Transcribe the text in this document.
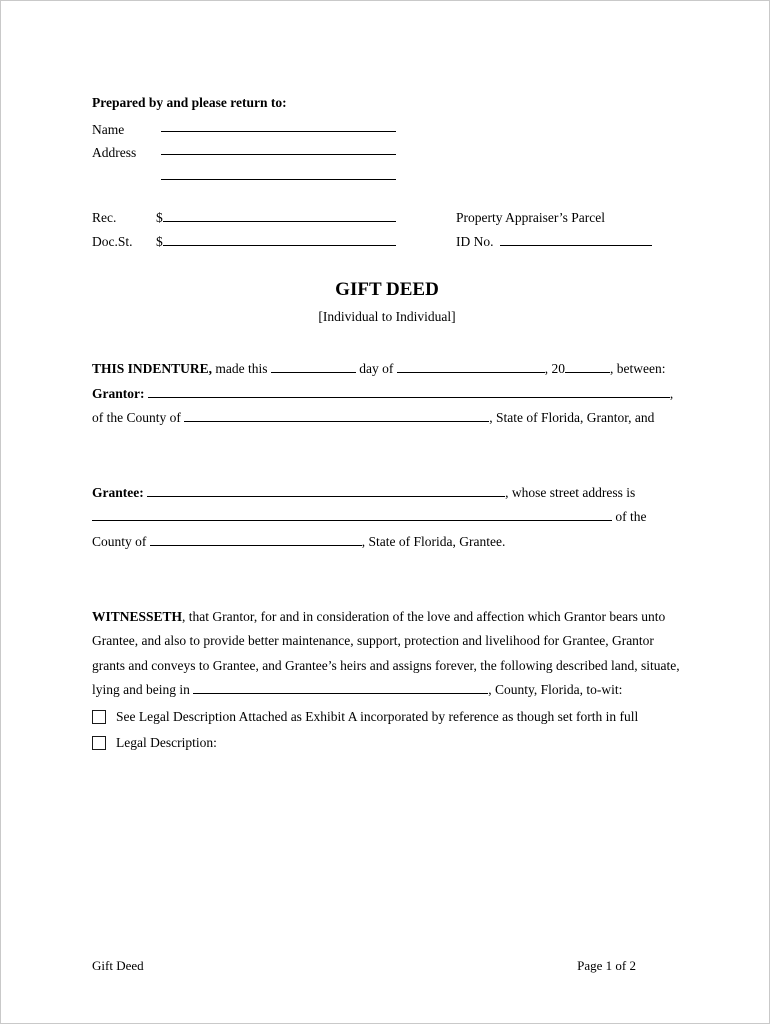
Prepared by and please return to:

Name
Address
Rec.	$
Doc.St.	$
Property Appraiser’s Parcel
ID No.

GIFT DEED

[Individual to Individual]

THIS INDENTURE, made this	day of	, 20	, between:

Grantor:	,

of the County of	, State of Florida, Grantor, and

Grantee:	, whose street address is

of the

County of	, State of Florida, Grantee.

WITNESSETH, that Grantor, for and in consideration of the love and affection which Grantor bears unto Grantee, and also to provide better maintenance, support, protection and livelihood for Grantee, Grantor grants and conveys to Grantee, and Grantee’s heirs and assigns forever, the following described land, situate, lying and being in	, County, Florida, to-wit:

See Legal Description Attached as Exhibit A incorporated by reference as though set forth in full
Legal Description:
Gift Deed	Page 1 of 2
